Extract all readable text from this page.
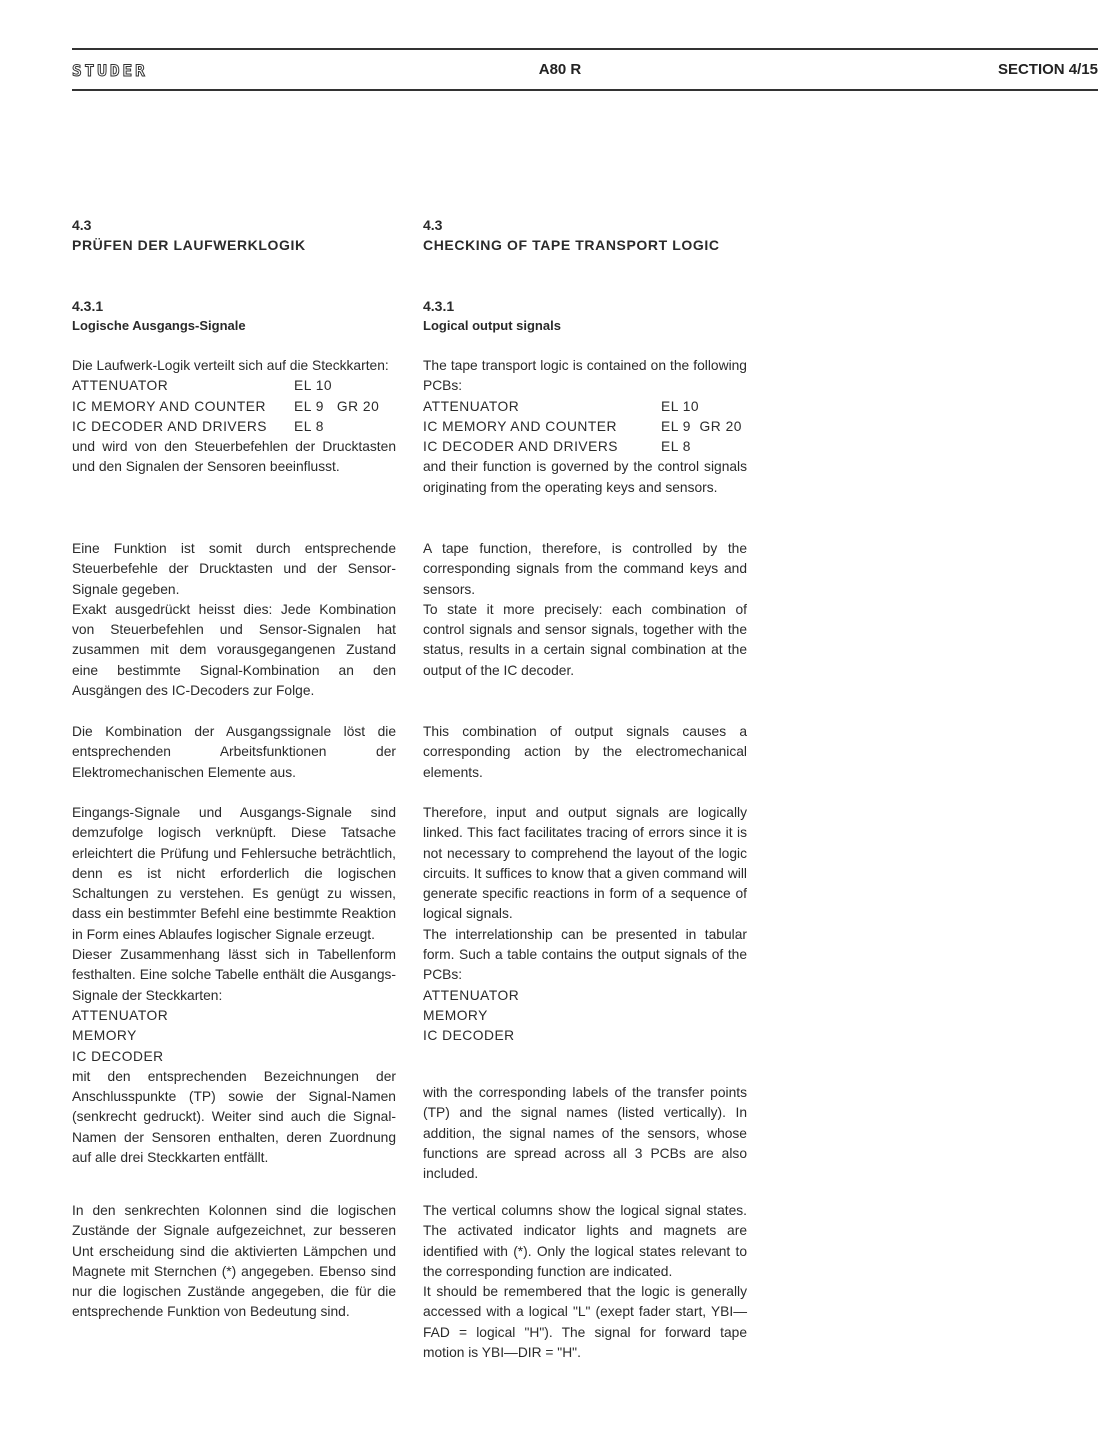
STUDER	A80 R	SECTION 4/15
4.3
PRÜFEN DER LAUFWERKLOGIK
4.3.1
Logische Ausgangs-Signale

Die Laufwerk-Logik verteilt sich auf die Steckkarten:

ATTENUATOR	EL 10
IC MEMORY AND COUNTER EL 9   GR 20
IC DECODER AND DRIVERS EL 8

und wird von den Steuerbefehlen der Drucktasten und den Signalen der Sensoren beeinflusst.

Eine Funktion ist somit durch entsprechende Steuerbefehle der Drucktasten und der Sensor-Signale gegeben.

Exakt ausgedrückt heisst dies: Jede Kombination von Steuerbefehlen und Sensor-Signalen hat zusammen mit dem vorausgegangenen Zustand eine bestimmte Signal-Kombination an den Ausgängen des IC-Decoders zur Folge.

Die Kombination der Ausgangssignale löst die entsprechenden Arbeitsfunktionen der Elektromechanischen Elemente aus.

Eingangs-Signale und Ausgangs-Signale sind demzufolge logisch verknüpft. Diese Tatsache erleichtert die Prüfung und Fehlersuche beträchtlich, denn es ist nicht erforderlich die logischen Schaltungen zu verstehen. Es genügt zu wissen, dass ein bestimmter Befehl eine bestimmte Reaktion in Form eines Ablaufes logischer Signale erzeugt.

Dieser Zusammenhang lässt sich in Tabellenform festhalten. Eine solche Tabelle enthält die Ausgangs-Signale der Steckkarten:

ATTENUATOR
MEMORY
IC DECODER

mit den entsprechenden Bezeichnungen der Anschlusspunkte (TP) sowie der Signal-Namen (senkrecht gedruckt). Weiter sind auch die Signal-Namen der Sensoren enthalten, deren Zuordnung auf alle drei Steckkarten entfällt.

In den senkrechten Kolonnen sind die logischen Zustände der Signale aufgezeichnet, zur besseren Unt erscheidung sind die aktivierten Lämpchen und Magnete mit Sternchen (*) angegeben. Ebenso sind nur die logischen Zustände angegeben, die für die entsprechende Funktion von Bedeutung sind.

4.3
CHECKING OF TAPE TRANSPORT LOGIC
4.3.1
Logical output signals

The tape transport logic is contained on the following PCBs:

ATTENUATOR	EL 10
IC MEMORY AND COUNTER	EL 9  GR 20
IC DECODER AND DRIVERS	EL 8

and their function is governed by the control signals originating from the operating keys and sensors.

A tape function, therefore, is controlled by the corresponding signals from the command keys and sensors.

To state it more precisely: each combination of control signals and sensor signals, together with the status, results in a certain signal combination at the output of the IC decoder.

This combination of output signals causes a corresponding action by the electromechanical elements.

Therefore, input and output signals are logically linked. This fact facilitates tracing of errors since it is not necessary to comprehend the layout of the logic circuits. It suffices to know that a given command will generate specific reactions in form of a sequence of logical signals.

The interrelationship can be presented in tabular form. Such a table contains the output signals of the PCBs:

ATTENUATOR
MEMORY
IC DECODER

with the corresponding labels of the transfer points (TP) and the signal names (listed vertically). In addition, the signal names of the sensors, whose functions are spread across all 3 PCBs are also included.

The vertical columns show the logical signal states. The activated indicator lights and magnets are identified with (*). Only the logical states relevant to the corresponding function are indicated.

It should be remembered that the logic is generally accessed with a logical "L" (exept fader start, YBI—FAD = logical "H"). The signal for forward tape motion is YBI—DIR = "H".
